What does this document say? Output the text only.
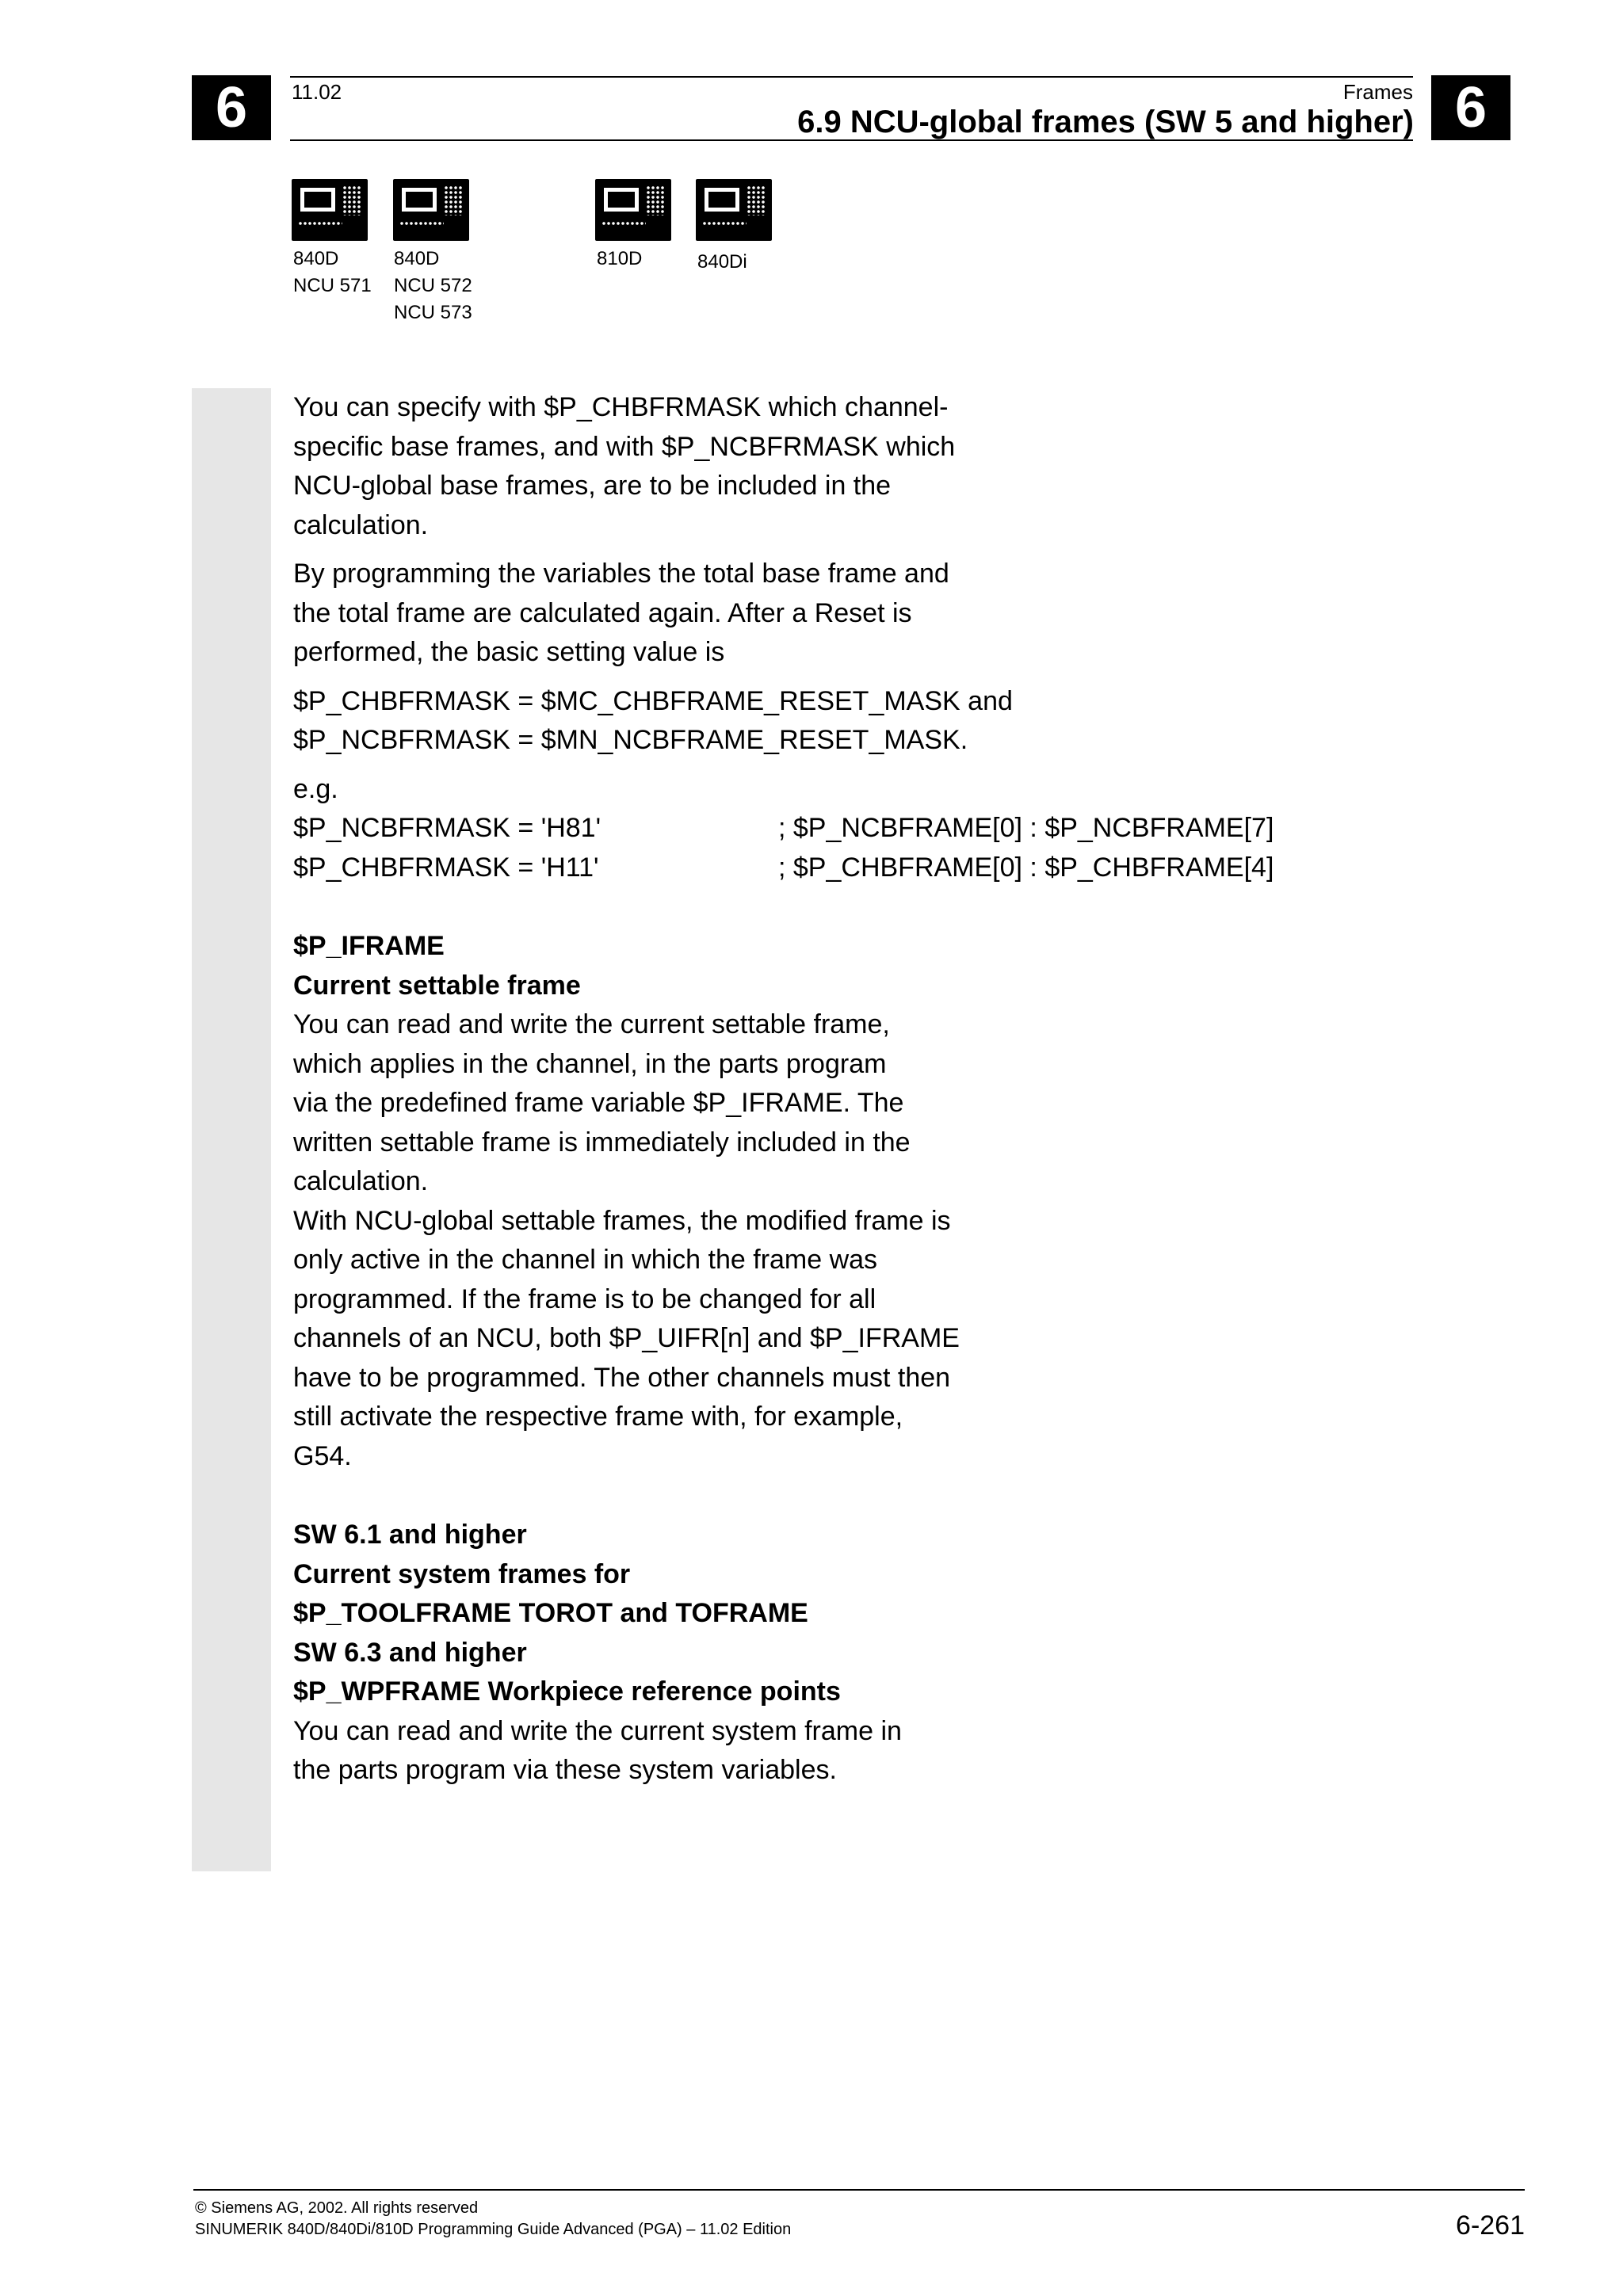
6	6
11.02	Frames
6.9 NCU-global frames (SW 5 and higher)
840D
NCU 571
840D
NCU 572
NCU 573
810D	840Di
You can specify with $P_CHBFRMASK which channel-
specific base frames, and with $P_NCBFRMASK which
NCU-global base frames, are to be included in the
calculation.
By programming the variables the total base frame and
the total frame are calculated again. After a Reset is
performed, the basic setting value is
$P_CHBFRMASK = $MC_CHBFRAME_RESET_MASK and
$P_NCBFRMASK = $MN_NCBFRAME_RESET_MASK.
e.g.
$P_NCBFRMASK = 'H81'	; $P_NCBFRAME[0] : $P_NCBFRAME[7]
$P_CHBFRMASK = 'H11'	; $P_CHBFRAME[0] : $P_CHBFRAME[4]
$P_IFRAME
Current settable frame
You can read and write the current settable frame,
which applies in the channel, in the parts program
via the predefined frame variable $P_IFRAME. The
written settable frame is immediately included in the
calculation.
With NCU-global settable frames, the modified frame is
only active in the channel in which the frame was
programmed. If the frame is to be changed for all
channels of an NCU, both $P_UIFR[n] and $P_IFRAME
have to be programmed. The other channels must then
still activate the respective frame with, for example,
G54.
SW 6.1 and higher
Current system frames for
$P_TOOLFRAME TOROT and TOFRAME
SW 6.3 and higher
$P_WPFRAME Workpiece reference points
You can read and write the current system frame in
the parts program via these system variables.
© Siemens AG, 2002. All rights reserved
SINUMERIK 840D/840Di/810D Programming Guide Advanced (PGA) – 11.02 Edition	6-261
